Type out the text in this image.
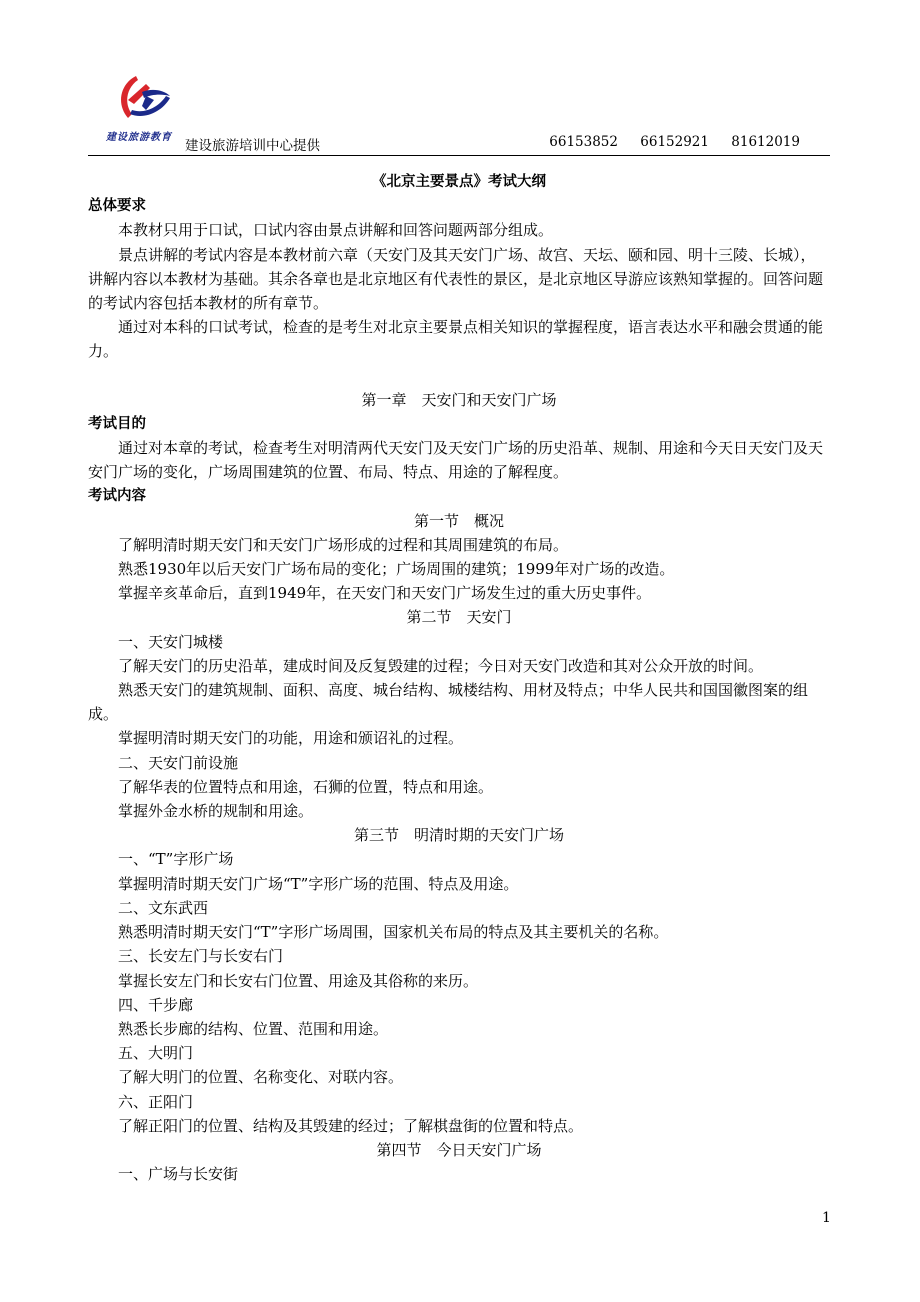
建设旅游教育
建设旅游培训中心提供	66153852 66152921 81612019

《北京主要景点》考试大纲

总体要求

本教材只用于口试，口试内容由景点讲解和回答问题两部分组成。

景点讲解的考试内容是本教材前六章（天安门及其天安门广场、故宫、天坛、颐和园、明十三陵、长城），讲解内容以本教材为基础。其余各章也是北京地区有代表性的景区，是北京地区导游应该熟知掌握的。回答问题的考试内容包括本教材的所有章节。

通过对本科的口试考试，检查的是考生对北京主要景点相关知识的掌握程度，语言表达水平和融会贯通的能力。

第一章　天安门和天安门广场

考试目的

通过对本章的考试，检查考生对明清两代天安门及天安门广场的历史沿革、规制、用途和今天日天安门及天安门广场的变化，广场周围建筑的位置、布局、特点、用途的了解程度。

考试内容

第一节　概况

了解明清时期天安门和天安门广场形成的过程和其周围建筑的布局。

熟悉1930年以后天安门广场布局的变化；广场周围的建筑；1999年对广场的改造。

掌握辛亥革命后，直到1949年，在天安门和天安门广场发生过的重大历史事件。

第二节　天安门

一、天安门城楼

了解天安门的历史沿革，建成时间及反复毁建的过程；今日对天安门改造和其对公众开放的时间。

熟悉天安门的建筑规制、面积、高度、城台结构、城楼结构、用材及特点；中华人民共和国国徽图案的组成。

掌握明清时期天安门的功能，用途和颁诏礼的过程。

二、天安门前设施

了解华表的位置特点和用途，石狮的位置，特点和用途。

掌握外金水桥的规制和用途。

第三节　明清时期的天安门广场

一、“T”字形广场

掌握明清时期天安门广场“T”字形广场的范围、特点及用途。

二、文东武西

熟悉明清时期天安门“T”字形广场周围，国家机关布局的特点及其主要机关的名称。

三、长安左门与长安右门

掌握长安左门和长安右门位置、用途及其俗称的来历。

四、千步廊

熟悉长步廊的结构、位置、范围和用途。

五、大明门

了解大明门的位置、名称变化、对联内容。

六、正阳门

了解正阳门的位置、结构及其毁建的经过；了解棋盘街的位置和特点。

第四节　今日天安门广场

一、广场与长安街

1
